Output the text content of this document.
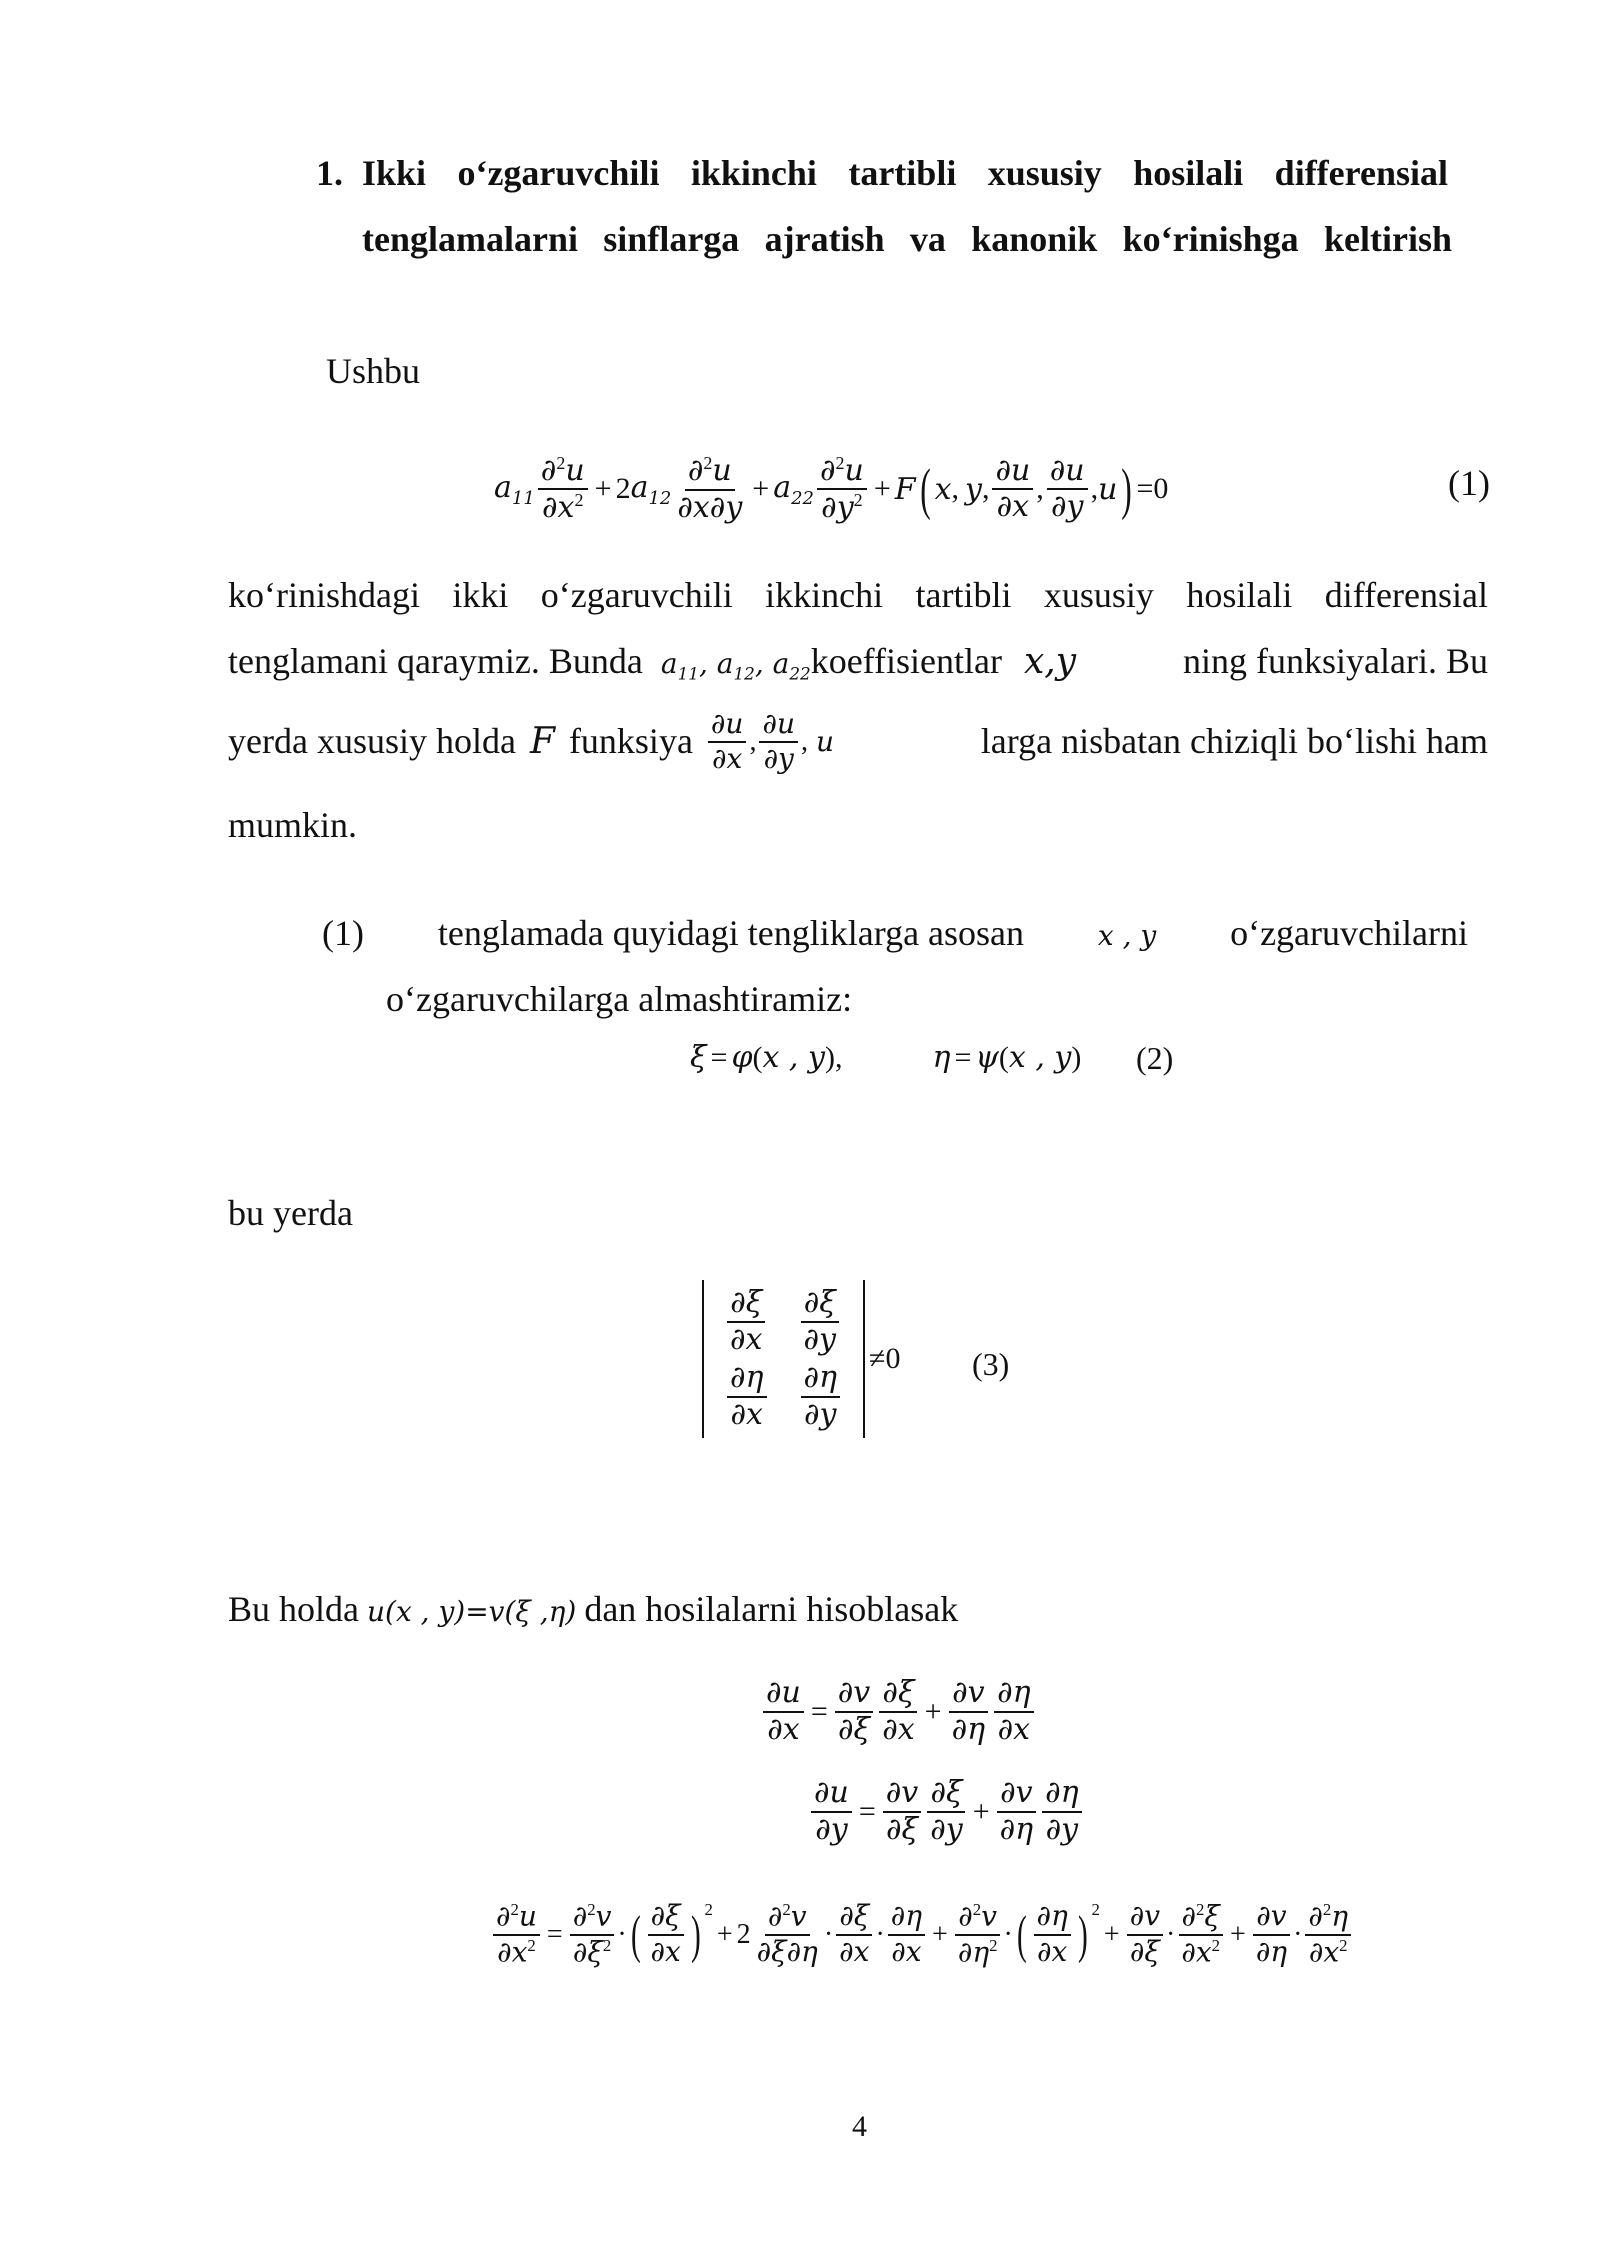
1. Ikki o‘zgaruvchili ikkinchi tartibli xususiy hosilali differensial
tenglamalarni sinflarga ajratish va kanonik ko‘rinishga keltirish
Ushbu
$a_{11} \frac{\partial^2u}{\partial x^2} + 2$ $a_{12} \frac{\partial^2u}{\partial x\partial y} + a_{22} \frac{\partial^2u}{\partial y^2} + F$ ( x , y , $\frac{\partial u}{\partial x}$ , $\frac{\partial u}{\partial y}$ , u ) = 0	(1)
ko‘rinishdagi ikki o‘zgaruvchili ikkinchi tartibli xususiy hosilali differensial
tenglamani qaraymiz. Bunda $a_{11}$, $a_{12}$, $a_{22}$ koeffisientlar x,y	ning funksiyalari. Bu
yerda xususiy holda F funksiya $\frac{\partial u}{\partial x}$ , $\frac{\partial u}{\partial y}$ , u	larga nisbatan chiziqli bo‘lishi ham
mumkin.
(1) tenglamada quyidagi tengliklarga asosan	x , y o‘zgaruvchilarni
o‘zgaruvchilarga almashtiramiz:
ξ = φ ( x , y ),	η = ψ ( x , y ) (2)
bu yerda
$\frac{\partial\xi}{\partial x}$	$\frac{\partial\xi}{\partial y}$

$\frac{\partial\eta}{\partial x}$	$\frac{\partial\eta}{\partial y}$
≠0 (3)
Bu holda u(x , y)=v(ξ ,η) dan hosilalarni hisoblasak
$\frac{\partial u}{\partial x} = \frac{\partial v}{\partial\xi} \frac{\partial\xi}{\partial x} + \frac{\partial v}{\partial\eta} \frac{\partial\eta}{\partial x}$
$\frac{\partial u}{\partial y} = \frac{\partial v}{\partial\xi} \frac{\partial\xi}{\partial y} + \frac{\partial v}{\partial\eta} \frac{\partial\eta}{\partial y}$
$\frac{\partial^2u}{\partial x^2} = \frac{\partial^2v}{\partial\xi^2}$ · ( $\frac{\partial\xi}{\partial x} )^2$
+ $2 \frac{\partial^2v}{\partial\xi\partial\eta} \cdot \frac{\partial\xi}{\partial x} \cdot \frac{\partial\eta}{\partial x} + \frac{\partial^2v}{\partial\eta^2}$ · ( $\frac{\partial\eta}{\partial x} )^2$
+ $\frac{\partial v}{\partial\xi} \cdot \frac{\partial^2\xi}{\partial x^2} + \frac{\partial v}{\partial\eta} \cdot \frac{\partial^2\eta}{\partial x^2}$
4
